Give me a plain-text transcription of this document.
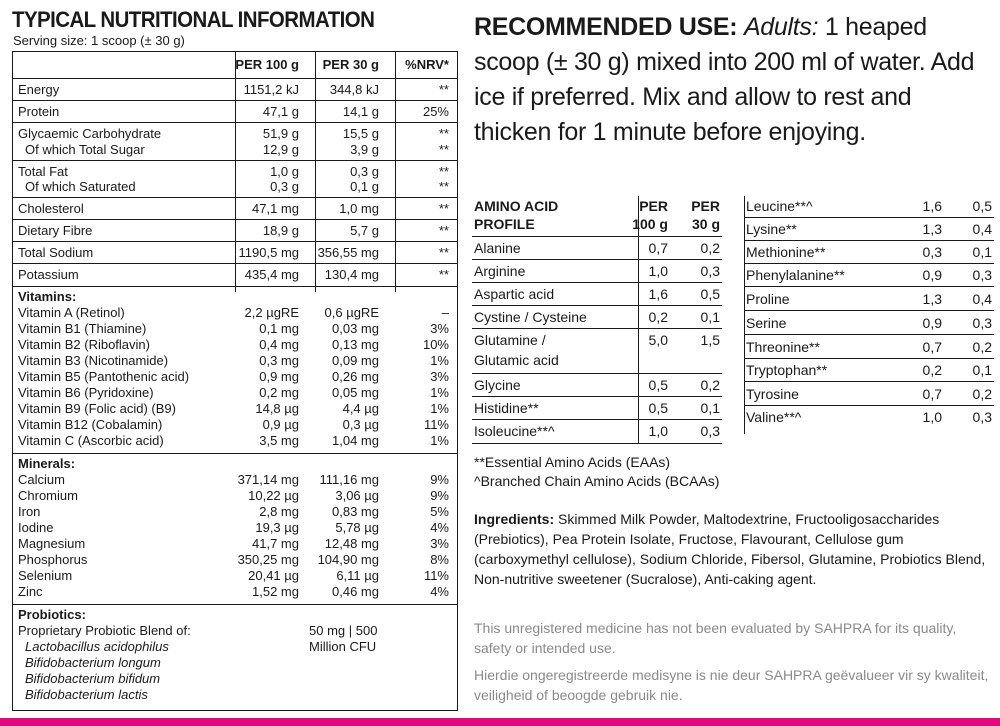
TYPICAL NUTRITIONAL INFORMATION
Serving size: 1 scoop (± 30 g)
PER 100 g PER 30 g %NRV*
Energy	1151,2 kJ 344,8 kJ	**
Protein	47,1 g	14,1 g	25%
Glycaemic Carbohydrate	51,9 g	15,5 g	**
Of which Total Sugar	12,9 g	3,9 g	**
Total Fat	1,0 g	0,3 g	**
Of which Saturated	0,3 g	0,1 g	**
Cholesterol	47,1 mg	1,0 mg	**
Dietary Fibre	18,9 g	5,7 g	**
Total Sodium	1190,5 mg 356,55 mg	**
Potassium	435,4 mg 130,4 mg	**
Vitamins:
Vitamin A (Retinol)	2,2 µgRE 0,6 µgRE	–
Vitamin B1 (Thiamine)	0,1 mg	0,03 mg	3%
Vitamin B2 (Riboflavin)	0,4 mg	0,13 mg	10%
Vitamin B3 (Nicotinamide)	0,3 mg	0,09 mg	1%
Vitamin B5 (Pantothenic acid)	0,9 mg	0,26 mg	3%
Vitamin B6 (Pyridoxine)	0,2 mg	0,05 mg	1%
Vitamin B9 (Folic acid) (B9)	14,8 µg	4,4 µg	1%
Vitamin B12 (Cobalamin)	0,9 µg	0,3 µg	11%
Vitamin C (Ascorbic acid)	3,5 mg	1,04 mg	1%
Minerals:
Calcium	371,14 mg 111,16 mg	9%
Chromium	10,22 µg	3,06 µg	9%
Iron	2,8 mg	0,83 mg	5%
Iodine	19,3 µg	5,78 µg	4%
Magnesium	41,7 mg 12,48 mg	3%
Phosphorus	350,25 mg 104,90 mg	8%
Selenium	20,41 µg	6,11 µg	11%
Zinc	1,52 mg	0,46 mg	4%
Probiotics:
Proprietary Probiotic Blend of:	50 mg | 500
Million CFU
Lactobacillus acidophilus
Bifidobacterium longum
Bifidobacterium bifidum
Bifidobacterium lactis
RECOMMENDED USE: Adults: 1 heaped scoop (± 30 g) mixed into 200 ml of water. Add ice if preferred. Mix and allow to rest and thicken for 1 minute before enjoying.
AMINO ACID	PER PER
PROFILE	100 g 30 g
Alanine	0,7 0,2
Arginine	1,0 0,3
Aspartic acid	1,6 0,5
Cystine / Cysteine	0,2 0,1
Glutamine /	5,0 1,5
Glutamic acid
Glycine	0,5 0,2
Histidine**	0,5 0,1
Isoleucine**^	1,0 0,3
Leucine**^	1,6 0,5
Lysine**	1,3 0,4
Methionine**	0,3 0,1
Phenylalanine**	0,9 0,3
Proline	1,3 0,4
Serine	0,9 0,3
Threonine**	0,7 0,2
Tryptophan**	0,2 0,1
Tyrosine	0,7 0,2
Valine**^	1,0 0,3
**Essential Amino Acids (EAAs)
^Branched Chain Amino Acids (BCAAs)
Ingredients: Skimmed Milk Powder, Maltodextrine, Fructooligosaccharides (Prebiotics), Pea Protein Isolate, Fructose, Flavourant, Cellulose gum (carboxymethyl cellulose), Sodium Chloride, Fibersol, Glutamine, Probiotics Blend, Non-nutritive sweetener (Sucralose), Anti-caking agent.
This unregistered medicine has not been evaluated by SAHPRA for its quality, safety or intended use.
Hierdie ongeregistreerde medisyne is nie deur SAHPRA geëvalueer vir sy kwaliteit, veiligheid of beoogde gebruik nie.
